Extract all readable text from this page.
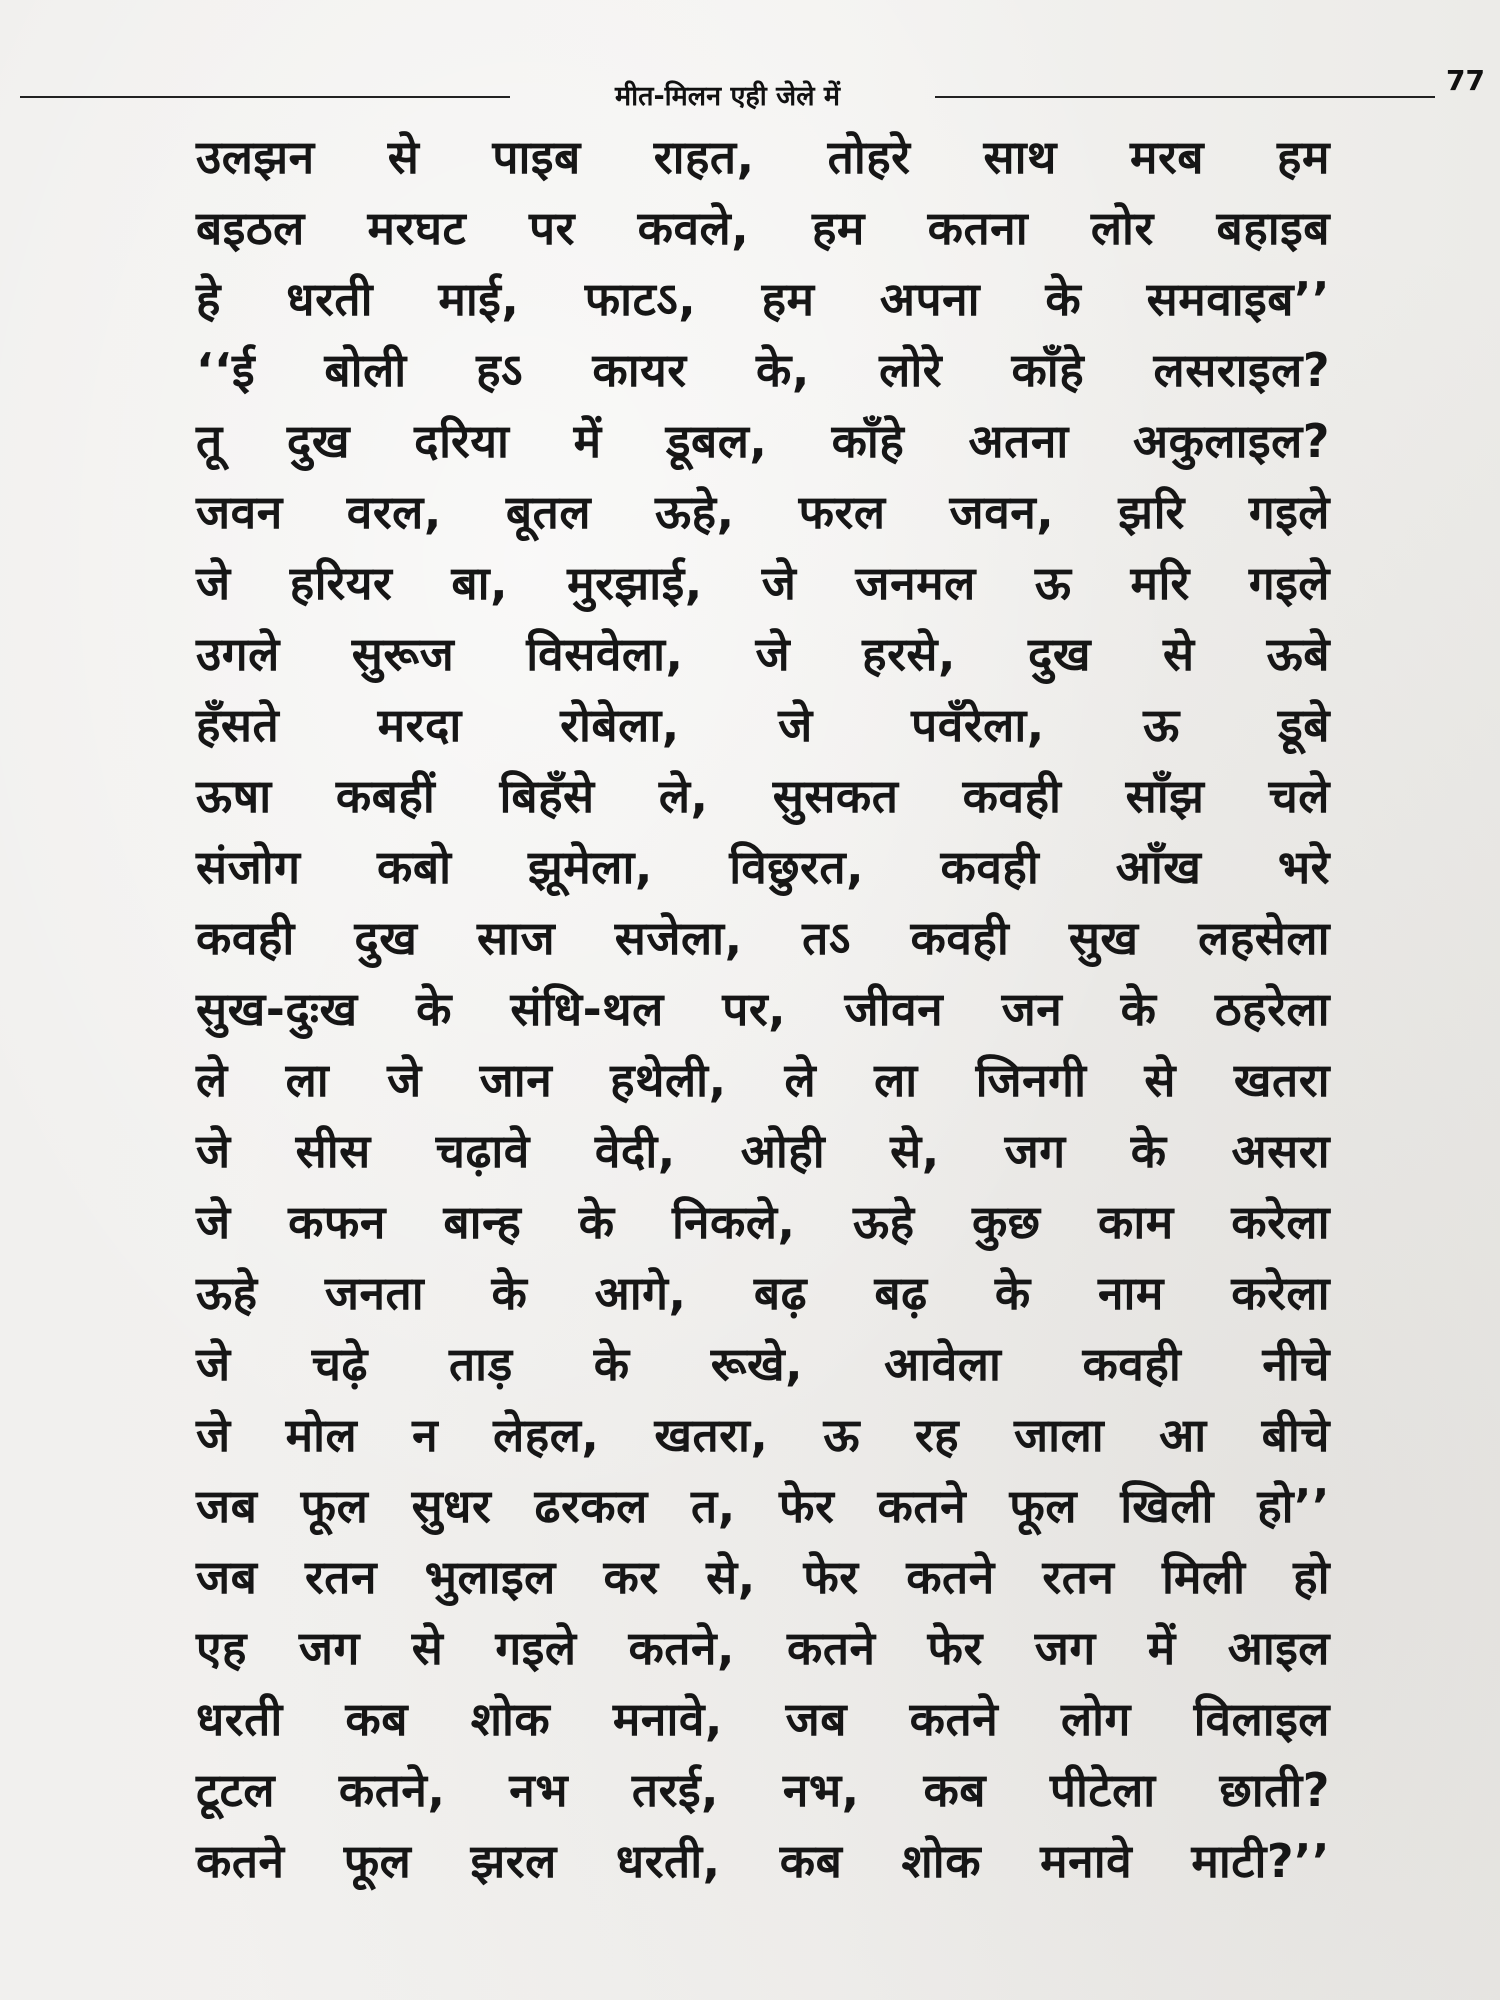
मीत-मिलन एही जेले में	77
उलझन से पाइब राहत, तोहरे साथ मरब हम
बइठल मरघट पर कवले, हम कतना लोर बहाइब
हे धरती माई, फाटऽ, हम अपना के समवाइब’’
‘‘ई बोली हऽ कायर के, लोरे काँहे लसराइल?
तू दुख दरिया में डूबल, काँहे अतना अकुलाइल?
जवन वरल, बूतल ऊहे, फरल जवन, झरि गइले
जे हरियर बा, मुरझाई, जे जनमल ऊ मरि गइले
उगले सुरूज विसवेला, जे हरसे, दुख से ऊबे
हँसते मरदा रोबेला, जे पवँरेला, ऊ डूबे
ऊषा कबहीं बिहँसे ले, सुसकत कवही साँझ चले
संजोग कबो झूमेला, विछुरत, कवही आँख भरे
कवही दुख साज सजेला, तऽ कवही सुख लहसेला
सुख-दुःख के संधि-थल पर, जीवन जन के ठहरेला
ले ला जे जान हथेली, ले ला जिनगी से खतरा
जे सीस चढ़ावे वेदी, ओही से, जग के असरा
जे कफन बान्ह के निकले, ऊहे कुछ काम करेला
ऊहे जनता के आगे, बढ़ बढ़ के नाम करेला
जे चढ़े ताड़ के रूखे, आवेला कवही नीचे
जे मोल न लेहल, खतरा, ऊ रह जाला आ बीचे
जब फूल सुधर ढरकल त, फेर कतने फूल खिली हो’’
जब रतन भुलाइल कर से, फेर कतने रतन मिली हो
एह जग से गइले कतने, कतने फेर जग में आइल
धरती कब शोक मनावे, जब कतने लोग विलाइल
टूटल कतने, नभ तरई, नभ, कब पीटेला छाती?
कतने फूल झरल धरती, कब शोक मनावे माटी?’’
